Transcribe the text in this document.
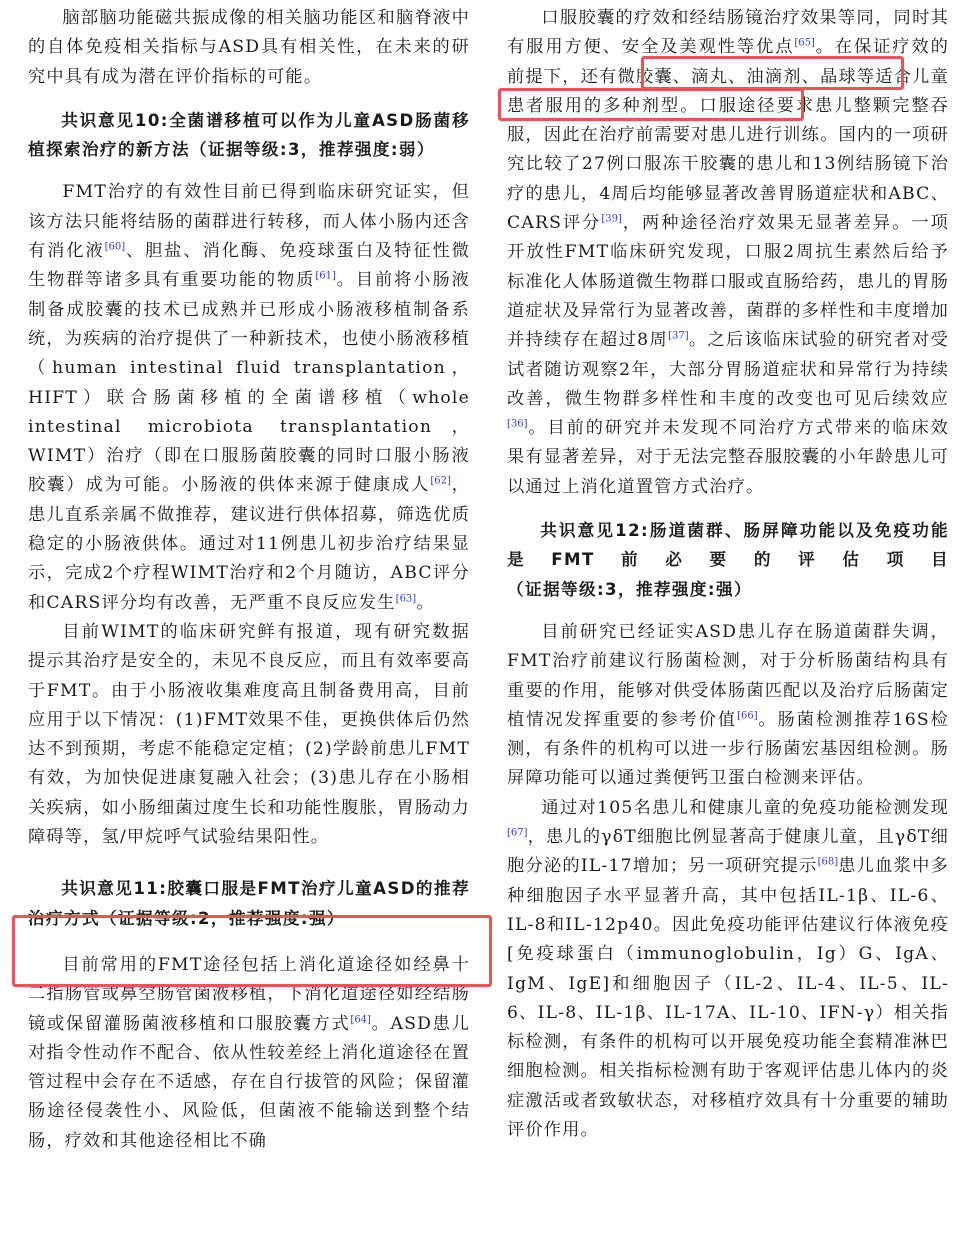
脑部脑功能磁共振成像的相关脑功能区和脑脊液中的自体免疫相关指标与ASD具有相关性，在未来的研究中具有成为潜在评价指标的可能。

共识意见10:全菌谱移植可以作为儿童ASD肠菌移植探索治疗的新方法（证据等级:3，推荐强度:弱）

FMT治疗的有效性目前已得到临床研究证实，但该方法只能将结肠的菌群进行转移，而人体小肠内还含有消化液[60]、胆盐、消化酶、免疫球蛋白及特征性微生物群等诸多具有重要功能的物质[61]。目前将小肠液制备成胶囊的技术已成熟并已形成小肠液移植制备系统，为疾病的治疗提供了一种新技术，也使小肠液移植（human intestinal fluid transplantation，HIFT）联合肠菌移植的全菌谱移植（whole intestinal microbiota transplantation，WIMT）治疗（即在口服肠菌胶囊的同时口服小肠液胶囊）成为可能。小肠液的供体来源于健康成人[62]，患儿直系亲属不做推荐，建议进行供体招募，筛选优质稳定的小肠液供体。通过对11例患儿初步治疗结果显示，完成2个疗程WIMT治疗和2个月随访，ABC评分和CARS评分均有改善，无严重不良反应发生[63]。

目前WIMT的临床研究鲜有报道，现有研究数据提示其治疗是安全的，未见不良反应，而且有效率要高于FMT。由于小肠液收集难度高且制备费用高，目前应用于以下情况：(1)FMT效果不佳，更换供体后仍然达不到预期，考虑不能稳定定植；(2)学龄前患儿FMT有效，为加快促进康复融入社会；(3)患儿存在小肠相关疾病，如小肠细菌过度生长和功能性腹胀，胃肠动力障碍等，氢/甲烷呼气试验结果阳性。

共识意见11:胶囊口服是FMT治疗儿童ASD的推荐治疗方式（证据等级:2，推荐强度:强）

目前常用的FMT途径包括上消化道途径如经鼻十二指肠管或鼻空肠管菌液移植，下消化道途径如经结肠镜或保留灌肠菌液移植和口服胶囊方式[64]。ASD患儿对指令性动作不配合、依从性较差经上消化道途径在置管过程中会存在不适感，存在自行拔管的风险；保留灌肠途径侵袭性小、风险低，但菌液不能输送到整个结肠，疗效和其他途径相比不确

口服胶囊的疗效和经结肠镜治疗效果等同，同时其有服用方便、安全及美观性等优点[65]。在保证疗效的前提下，还有微胶囊、滴丸、油滴剂、晶球等适合儿童患者服用的多种剂型。口服途径要求患儿整颗完整吞服，因此在治疗前需要对患儿进行训练。国内的一项研究比较了27例口服冻干胶囊的患儿和13例结肠镜下治疗的患儿，4周后均能够显著改善胃肠道症状和ABC、CARS评分[39]，两种途径治疗效果无显著差异。一项开放性FMT临床研究发现，口服2周抗生素然后给予标准化人体肠道微生物群口服或直肠给药，患儿的胃肠道症状及异常行为显著改善，菌群的多样性和丰度增加并持续存在超过8周[37]。之后该临床试验的研究者对受试者随访观察2年，大部分胃肠道症状和异常行为持续改善，微生物群多样性和丰度的改变也可见后续效应[36]。目前的研究并未发现不同治疗方式带来的临床效果有显著差异，对于无法完整吞服胶囊的小年龄患儿可以通过上消化道置管方式治疗。

共识意见12:肠道菌群、肠屏障功能以及免疫功能是FMT前必要的评估项目（证据等级:3，推荐强度:强）

目前研究已经证实ASD患儿存在肠道菌群失调，FMT治疗前建议行肠菌检测，对于分析肠菌结构具有重要的作用，能够对供受体肠菌匹配以及治疗后肠菌定植情况发挥重要的参考价值[66]。肠菌检测推荐16S检测，有条件的机构可以进一步行肠菌宏基因组检测。肠屏障功能可以通过粪便钙卫蛋白检测来评估。

通过对105名患儿和健康儿童的免疫功能检测发现[67]，患儿的γδT细胞比例显著高于健康儿童，且γδT细胞分泌的IL-17增加；另一项研究提示[68]患儿血浆中多种细胞因子水平显著升高，其中包括IL-1β、IL-6、IL-8和IL-12p40。因此免疫功能评估建议行体液免疫[免疫球蛋白（immunoglobulin，Ig）G、IgA、IgM、IgE]和细胞因子（IL-2、IL-4、IL-5、IL-6、IL-8、IL-1β、IL-17A、IL-10、IFN-γ）相关指标检测，有条件的机构可以开展免疫功能全套精准淋巴细胞检测。相关指标检测有助于客观评估患儿体内的炎症激活或者致敏状态，对移植疗效具有十分重要的辅助评价作用。
